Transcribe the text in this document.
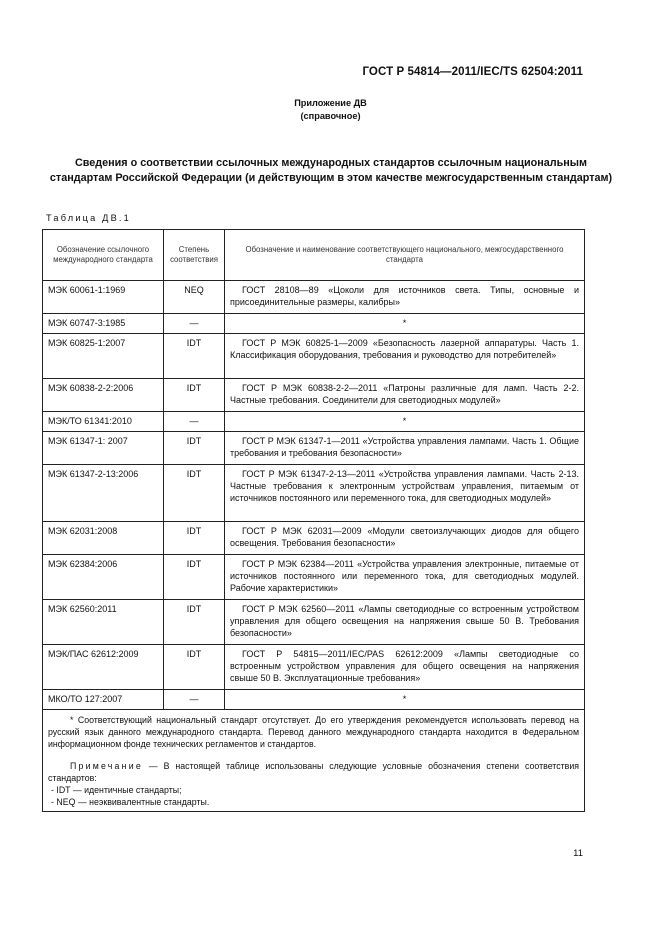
ГОСТ Р 54814—2011/IEC/TS 62504:2011
Приложение ДВ
(справочное)
Сведения о соответствии ссылочных международных стандартов ссылочным национальным стандартам Российской Федерации (и действующим в этом качестве межгосударственным стандартам)
Таблица ДВ.1
Обозначение ссылочного международного стандарта	Степень соответствия	Обозначение и наименование соответствующего национального, межгосударственного стандарта
МЭК 60061-1:1969	NEQ	ГОСТ 28108—89 «Цоколи для источников света. Типы, основные и присоединительные размеры, калибры»
МЭК 60747-3:1985	—	*
МЭК 60825-1:2007	IDT	ГОСТ Р МЭК 60825-1—2009 «Безопасность лазерной аппаратуры. Часть 1. Классификация оборудования, требования и руководство для потребителей»
МЭК 60838-2-2:2006	IDT	ГОСТ Р МЭК 60838-2-2—2011 «Патроны различные для ламп. Часть 2-2. Частные требования. Соединители для светодиодных модулей»
МЭК/ТО 61341:2010	—	*
МЭК 61347-1: 2007	IDT	ГОСТ Р МЭК 61347-1—2011 «Устройства управления лампами. Часть 1. Общие требования и требования безопасности»
МЭК 61347-2-13:2006	IDT	ГОСТ Р МЭК 61347-2-13—2011 «Устройства управления лампами. Часть 2-13. Частные требования к электронным устройствам управления, питаемым от источников постоянного или переменного тока, для светодиодных модулей»
МЭК 62031:2008	IDT	ГОСТ Р МЭК 62031—2009 «Модули светоизлучающих диодов для общего освещения. Требования безопасности»
МЭК 62384:2006	IDT	ГОСТ Р МЭК 62384—2011 «Устройства управления электронные, питаемые от источников постоянного или переменного тока, для светодиодных модулей. Рабочие характеристики»
МЭК 62560:2011	IDT	ГОСТ Р МЭК 62560—2011 «Лампы светодиодные со встроенным устройством управления для общего освещения на напряжения свыше 50 В. Требования безопасности»
МЭК/ПАС 62612:2009	IDT	ГОСТ Р 54815—2011/IEC/PAS 62612:2009 «Лампы светодиодные со встроенным устройством управления для общего освещения на напряжения свыше 50 В. Эксплуатационные требования»
МКО/ТО 127:2007	—	*

* Соответствующий национальный стандарт отсутствует. До его утверждения рекомендуется использовать перевод на русский язык данного международного стандарта. Перевод данного международного стандарта находится в Федеральном информационном фонде технических регламентов и стандартов.

Примечание — В настоящей таблице использованы следующие условные обозначения степени соответствия стандартов:

- IDT — идентичные стандарты;

- NEQ — неэквивалентные стандарты.		

11
